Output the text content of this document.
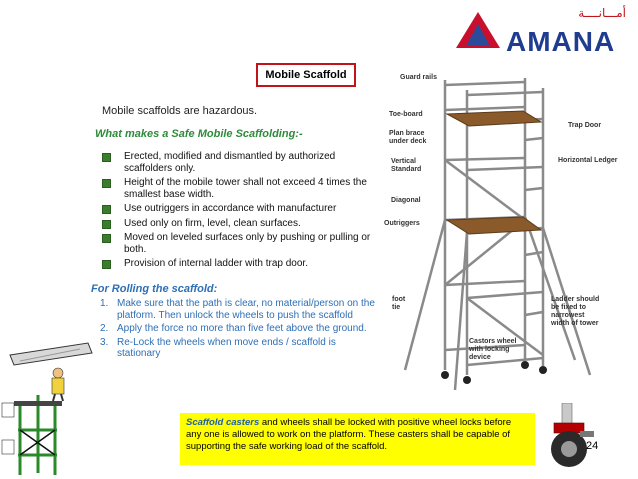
أمـــانــــة
AMANA
Mobile Scaffold
Mobile scaffolds are hazardous.
What makes a Safe Mobile Scaffolding:-
Erected, modified and dismantled by authorized scaffolders only.
Height of the mobile tower shall not exceed 4 times the smallest base width.
Use outriggers in accordance with manufacturer
Used only on firm, level, clean surfaces.
Moved on leveled surfaces only by pushing or pulling or both.
Provision of internal ladder with trap door.
For Rolling the scaffold:
1. Make sure that the path is clear, no material/person on the platform. Then unlock the wheels to push the scaffold
2. Apply the force no more than five feet above the ground.
3. Re-Lock the wheels when move ends / scaffold is stationary
Guard rails
Toe-board
Plan brace under deck
Vertical Standard
Diagonal
Outriggers
foot tie
Trap Door
Horizontal Ledger
Ladder should be fixed to narrowest width of tower
Castors wheel with locking device
Scaffold casters and wheels shall be locked with positive wheel locks before any one is allowed to work on the platform. These casters shall be capable of supporting the safe working load of the scaffold.	24
